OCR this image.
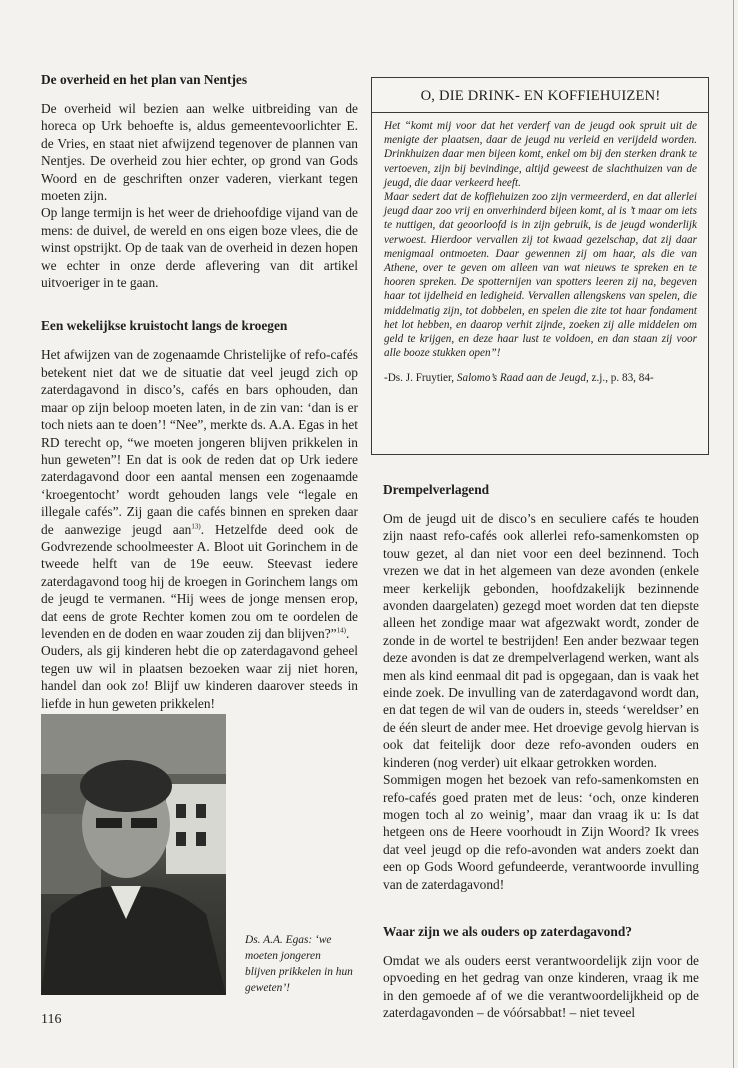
De overheid en het plan van Nentjes

De overheid wil bezien aan welke uitbreiding van de horeca op Urk behoefte is, aldus gemeentevoorlichter E. de Vries, en staat niet afwijzend tegenover de plannen van Nentjes. De overheid zou hier echter, op grond van Gods Woord en de geschriften onzer vaderen, vierkant tegen moeten zijn.

Op lange termijn is het weer de driehoofdige vijand van de mens: de duivel, de wereld en ons eigen boze vlees, die de winst opstrijkt. Op de taak van de overheid in dezen hopen we echter in onze derde aflevering van dit artikel uitvoeriger in te gaan.

Een wekelijkse kruistocht langs de kroegen

Het afwijzen van de zogenaamde Christelijke of refo-cafés betekent niet dat we de situatie dat veel jeugd zich op zaterdagavond in disco’s, cafés en bars ophouden, dan maar op zijn beloop moeten laten, in de zin van: ‘dan is er toch niets aan te doen’! “Nee”, merkte ds. A.A. Egas in het RD terecht op, “we moeten jongeren blijven prikkelen in hun geweten”! En dat is ook de reden dat op Urk iedere zaterdagavond door een aantal mensen een zogenaamde ‘kroegentocht’ wordt gehouden langs vele “legale en illegale cafés”. Zij gaan die cafés binnen en spreken daar de aanwezige jeugd aan$^{13)}$. Hetzelfde deed ook de Godvrezende schoolmeester A. Bloot uit Gorinchem in de tweede helft van de 19e eeuw. Steevast iedere zaterdagavond toog hij de kroegen in Gorinchem langs om de jeugd te vermanen. “Hij wees de jonge mensen erop, dat eens de grote Rechter komen zou om te oordelen de levenden en de doden en waar zouden zij dan blijven?”$^{14)}$.

Ouders, als gij kinderen hebt die op zaterdagavond geheel tegen uw wil in plaatsen bezoeken waar zij niet horen, handel dan ook zo! Blijf uw kinderen daarover steeds in liefde in hun geweten prikkelen!

O, DIE DRINK- EN KOFFIEHUIZEN!

Het “komt mij voor dat het verderf van de jeugd ook spruit uit de menigte der plaatsen, daar de jeugd nu verleid en verijdeld worden. Drinkhuizen daar men bijeen komt, enkel om bij den sterken drank te vertoeven, zijn bij bevindinge, altijd geweest de slachthuizen van de jeugd, die daar verkeerd heeft.

Maar sedert dat de koffiehuizen zoo zijn vermeerderd, en dat allerlei jeugd daar zoo vrij en onverhinderd bijeen komt, al is ’t maar om iets te nuttigen, dat geoorloofd is in zijn gebruik, is de jeugd wonderlijk verwoest. Hierdoor vervallen zij tot kwaad gezelschap, dat zij daar menigmaal ontmoeten. Daar gewennen zij om haar, als die van Athene, over te geven om alleen van wat nieuws te spreken en te hooren spreken. De spotternijen van spotters leeren zij na, begeven haar tot ijdelheid en ledigheid. Vervallen allengskens van spelen, die middelmatig zijn, tot dobbelen, en spelen die zite tot haar fondament het lot hebben, en daarop verhit zijnde, zoeken zij alle middelen om geld te krijgen, en deze haar lust te voldoen, en dan staan zij voor alle booze stukken open”!

-Ds. J. Fruytier, Salomo’s Raad aan de Jeugd, z.j., p. 83, 84-
Drempelverlagend

Om de jeugd uit de disco’s en seculiere cafés te houden zijn naast refo-cafés ook allerlei refo-samenkomsten op touw gezet, al dan niet voor een deel bezinnend. Toch vrezen we dat in het algemeen van deze avonden (enkele meer kerkelijk gebonden, hoofdzakelijk bezinnende avonden daargelaten) gezegd moet worden dat ten diepste alleen het zondige maar wat afgezwakt wordt, zonder de zonde in de wortel te bestrijden! Een ander bezwaar tegen deze avonden is dat ze drempelverlagend werken, want als men als kind eenmaal dit pad is opgegaan, dan is vaak het einde zoek. De invulling van de zaterdagavond wordt dan, en dat tegen de wil van de ouders in, steeds ‘wereldser’ en de één sleurt de ander mee. Het droevige gevolg hiervan is ook dat feitelijk door deze refo-avonden ouders en kinderen (nog verder) uit elkaar getrokken worden.

Sommigen mogen het bezoek van refo-samenkomsten en refo-cafés goed praten met de leus: ‘och, onze kinderen mogen toch al zo weinig’, maar dan vraag ik u: Is dat hetgeen ons de Heere voorhoudt in Zijn Woord? Ik vrees dat veel jeugd op die refo-avonden wat anders zoekt dan een op Gods Woord gefundeerde, verantwoorde invulling van de zaterdagavond!

Waar zijn we als ouders op zaterdagavond?

Omdat we als ouders eerst verantwoordelijk zijn voor de opvoeding en het gedrag van onze kinderen, vraag ik me in den gemoede af of we die verantwoordelijkheid op de zaterdagavonden – de vóórsabbat! – niet teveel

Ds. A.A. Egas: ‘we moeten jongeren blijven prikkelen in hun geweten’!
116
